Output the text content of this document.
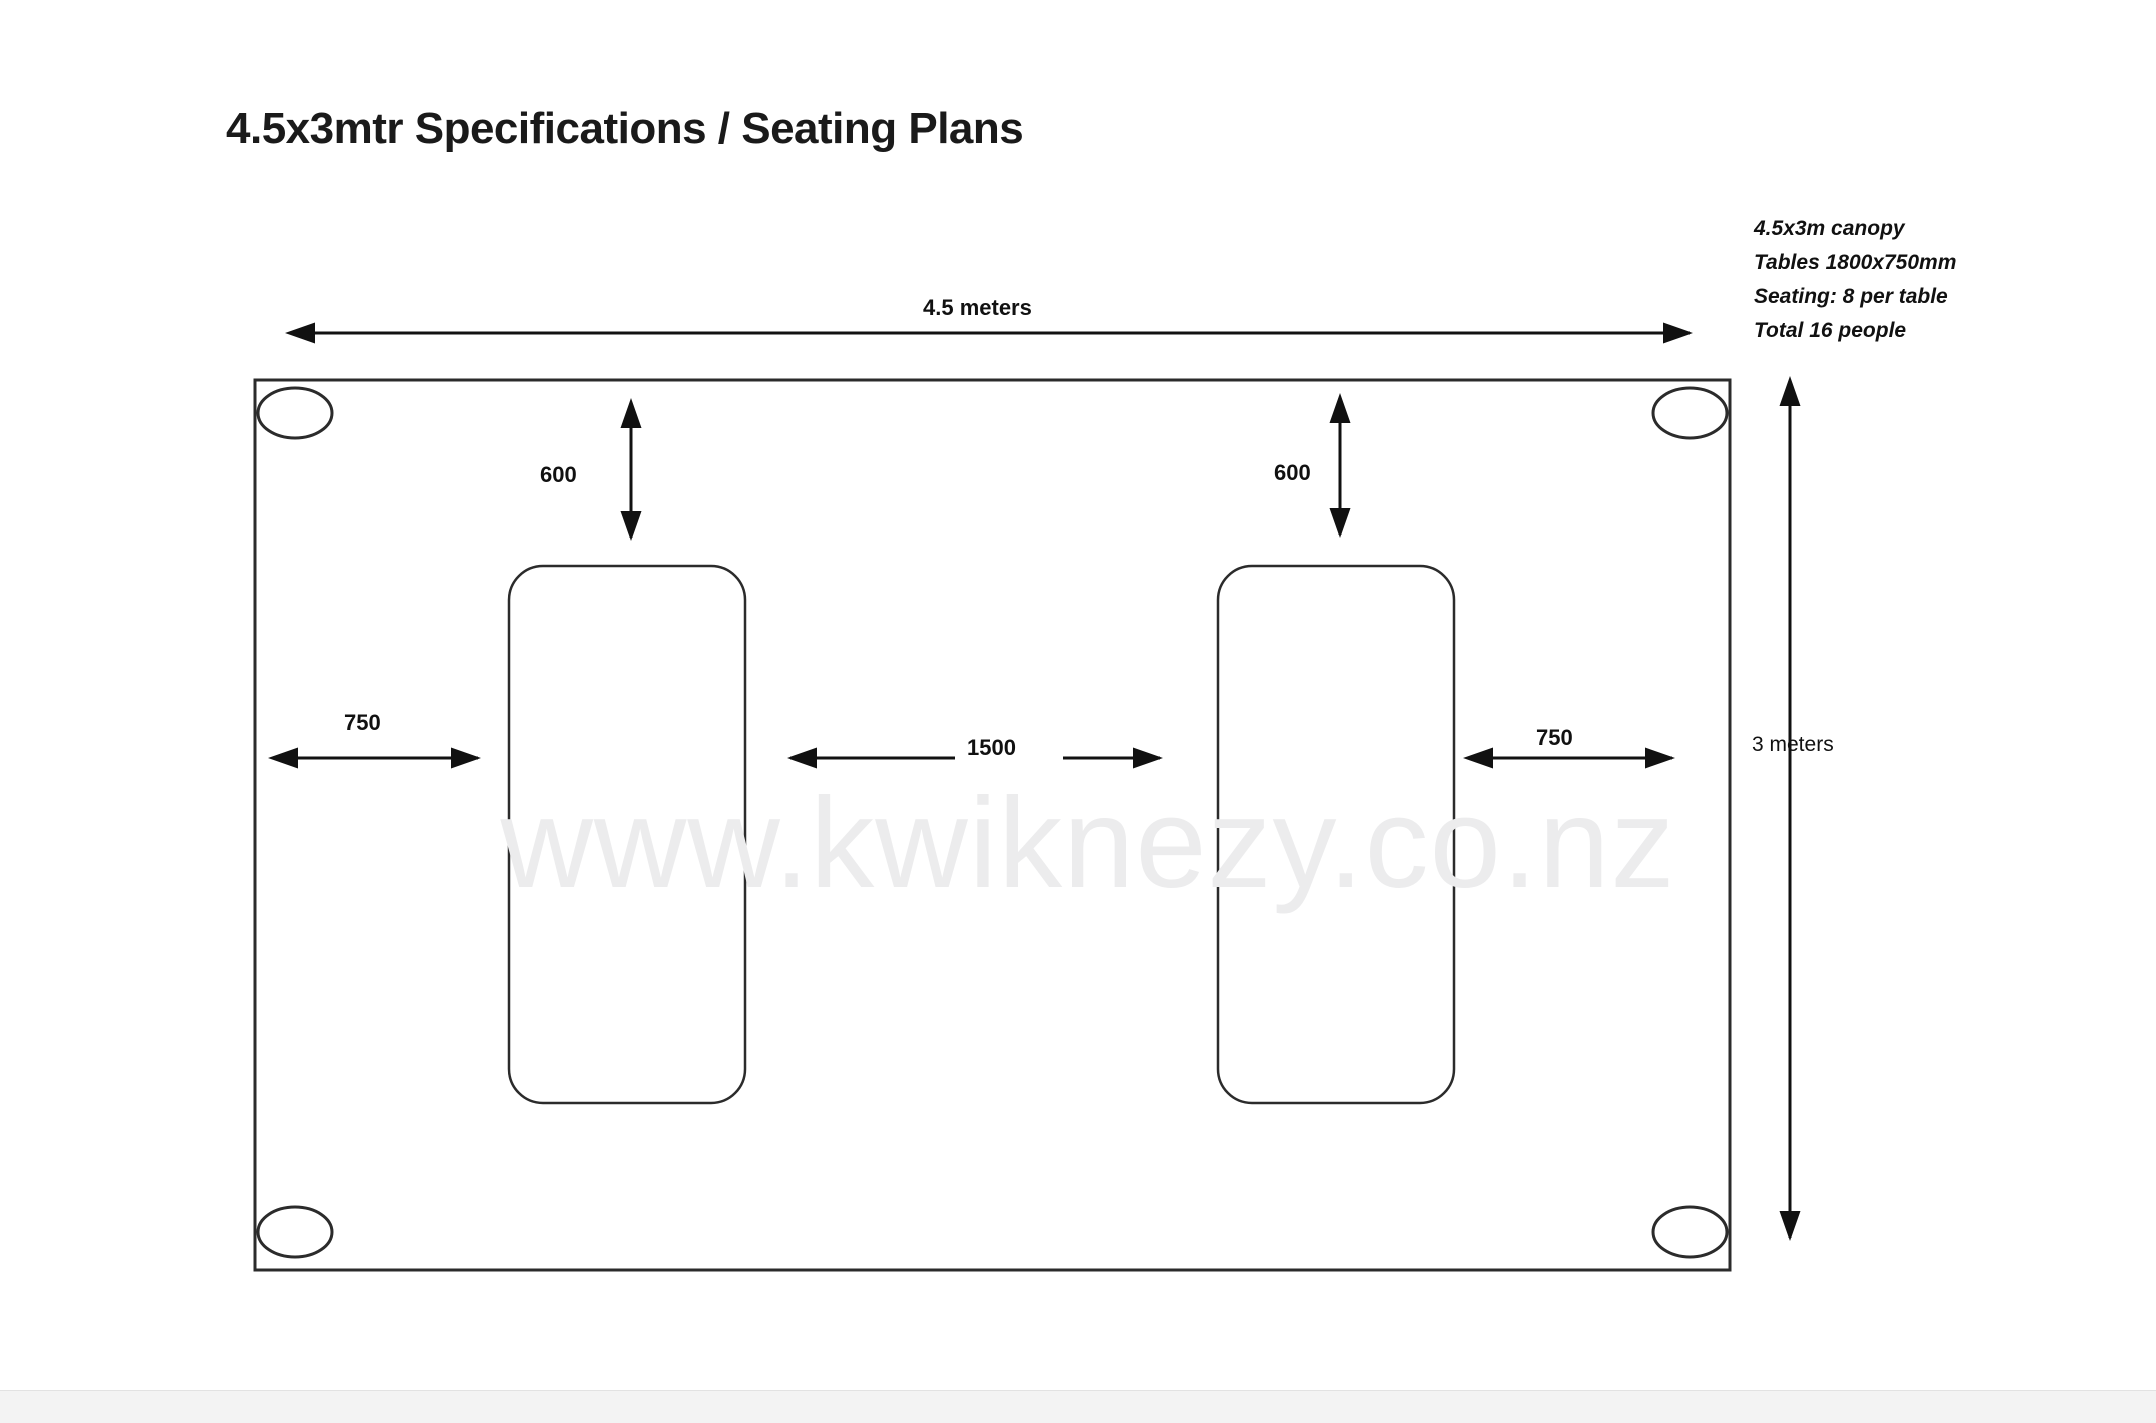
4.5x3mtr Specifications / Seating Plans
4.5x3m canopy
Tables 1800x750mm
Seating: 8 per table
Total 16 people
www.kwiknezy.co.nz
4.5 meters
3 meters
600	600
750
1500	750
